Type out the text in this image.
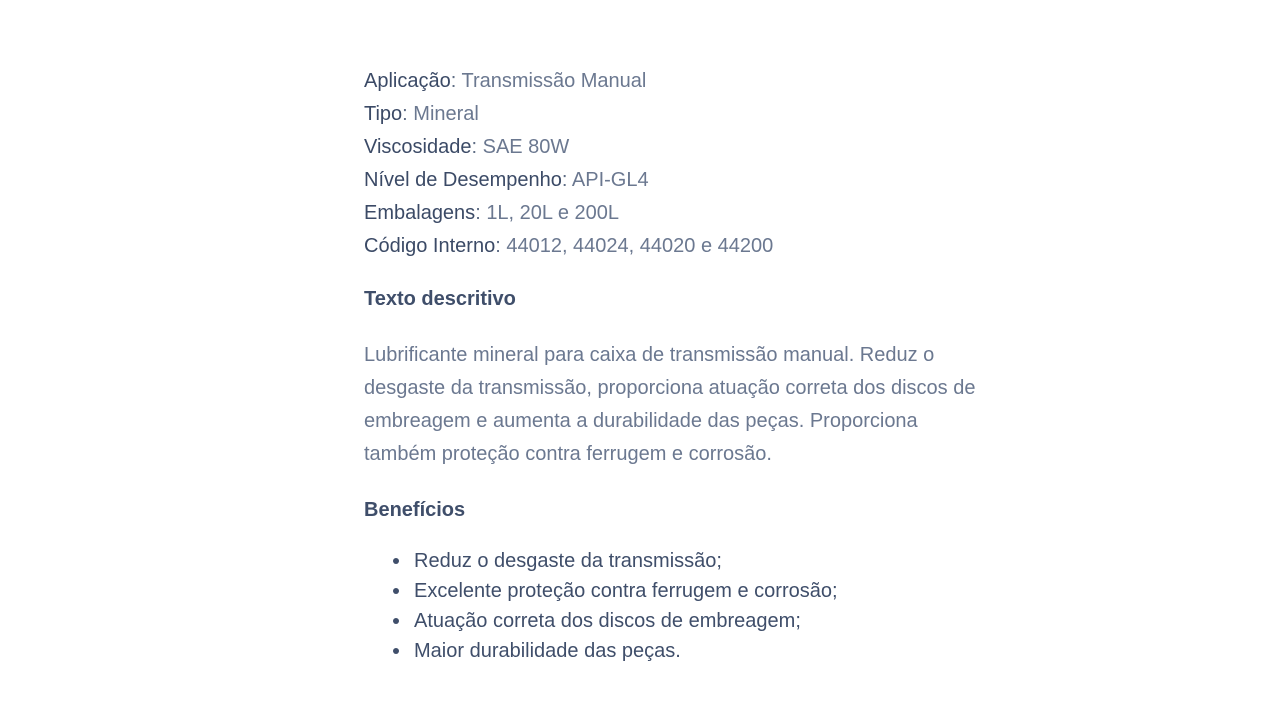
Aplicação: Transmissão Manual
Tipo: Mineral
Viscosidade: SAE 80W
Nível de Desempenho: API-GL4
Embalagens: 1L, 20L e 200L
Código Interno: 44012, 44024, 44020 e 44200
Texto descritivo

Lubrificante mineral para caixa de transmissão manual. Reduz o desgaste da transmissão, proporciona atuação correta dos discos de embreagem e aumenta a durabilidade das peças. Proporciona também proteção contra ferrugem e corrosão.

Benefícios
Reduz o desgaste da transmissão;
Excelente proteção contra ferrugem e corrosão;
Atuação correta dos discos de embreagem;
Maior durabilidade das peças.
